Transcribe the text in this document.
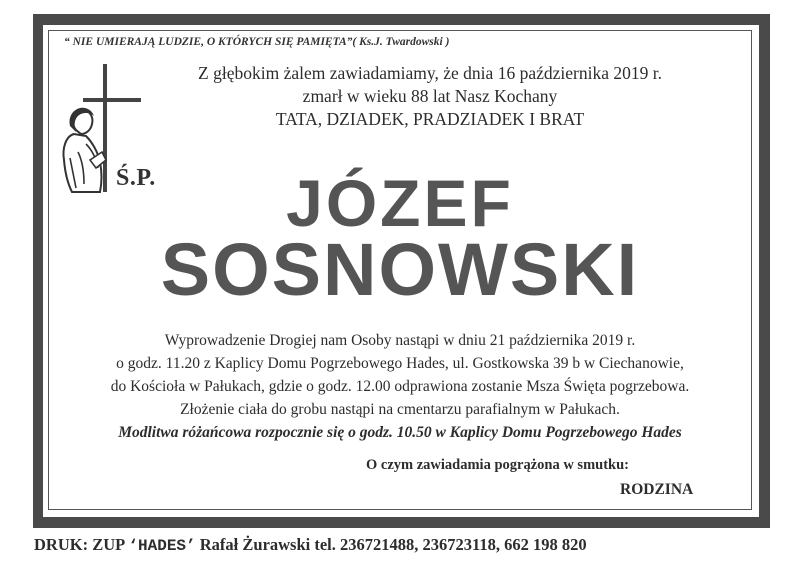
“ NIE UMIERAJĄ LUDZIE, O KTÓRYCH SIĘ PAMIĘTA”( Ks.J. Twardowski )
Z głębokim żalem zawiadamiamy, że dnia 16 października 2019 r.
zmarł w wieku 88 lat Nasz Kochany
TATA, DZIADEK, PRADZIADEK I BRAT
Ś.P.	JÓZEF
SOSNOWSKI
Wyprowadzenie Drogiej nam Osoby nastąpi w dniu 21 października 2019 r.
o godz. 11.20 z Kaplicy Domu Pogrzebowego Hades, ul. Gostkowska 39 b w Ciechanowie,
do Kościoła w Pałukach, gdzie o godz. 12.00 odprawiona zostanie Msza Święta pogrzebowa.
Złożenie ciała do grobu nastąpi na cmentarzu parafialnym w Pałukach.
Modlitwa różańcowa rozpocznie się o godz. 10.50 w Kaplicy Domu Pogrzebowego Hades
O czym zawiadamia pogrążona w smutku:
RODZINA
DRUK: ZUP ‘HADES’ Rafał Żurawski tel. 236721488, 236723118, 662 198 820
